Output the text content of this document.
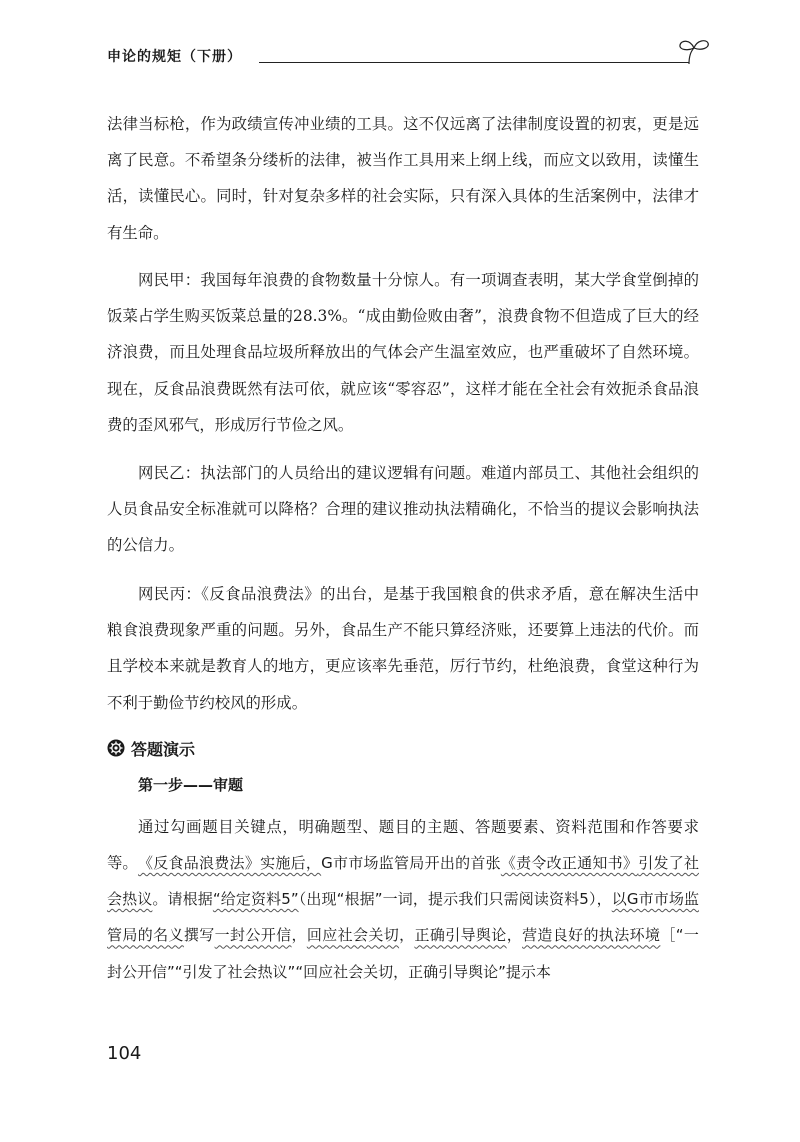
申论的规矩（下册）

法律当标枪，作为政绩宣传冲业绩的工具。这不仅远离了法律制度设置的初衷，更是远离了民意。不希望条分缕析的法律，被当作工具用来上纲上线，而应文以致用，读懂生活，读懂民心。同时，针对复杂多样的社会实际，只有深入具体的生活案例中，法律才有生命。

网民甲：我国每年浪费的食物数量十分惊人。有一项调查表明，某大学食堂倒掉的饭菜占学生购买饭菜总量的28.3%。“成由勤俭败由奢”，浪费食物不但造成了巨大的经济浪费，而且处理食品垃圾所释放出的气体会产生温室效应，也严重破坏了自然环境。现在，反食品浪费既然有法可依，就应该“零容忍”，这样才能在全社会有效扼杀食品浪费的歪风邪气，形成厉行节俭之风。

网民乙：执法部门的人员给出的建议逻辑有问题。难道内部员工、其他社会组织的人员食品安全标准就可以降格？合理的建议推动执法精确化，不恰当的提议会影响执法的公信力。

网民丙：《反食品浪费法》的出台，是基于我国粮食的供求矛盾，意在解决生活中粮食浪费现象严重的问题。另外，食品生产不能只算经济账，还要算上违法的代价。而且学校本来就是教育人的地方，更应该率先垂范，厉行节约，杜绝浪费，食堂这种行为不利于勤俭节约校风的形成。

答题演示
第一步——审题

通过勾画题目关键点，明确题型、题目的主题、答题要素、资料范围和作答要求等。 《反食品浪费法》实施后，G市市场监管局开出的首张《责令改正通知书》引发了社会热议。请根据“给定资料5”（出现“根据”一词，提示我们只需阅读资料5），以G市市场监管局的名义撰写一封公开信，回应社会关切，正确引导舆论，营造良好的执法环境［“一封公开信”“引发了社会热议”“回应社会关切，正确引导舆论”提示本

104
